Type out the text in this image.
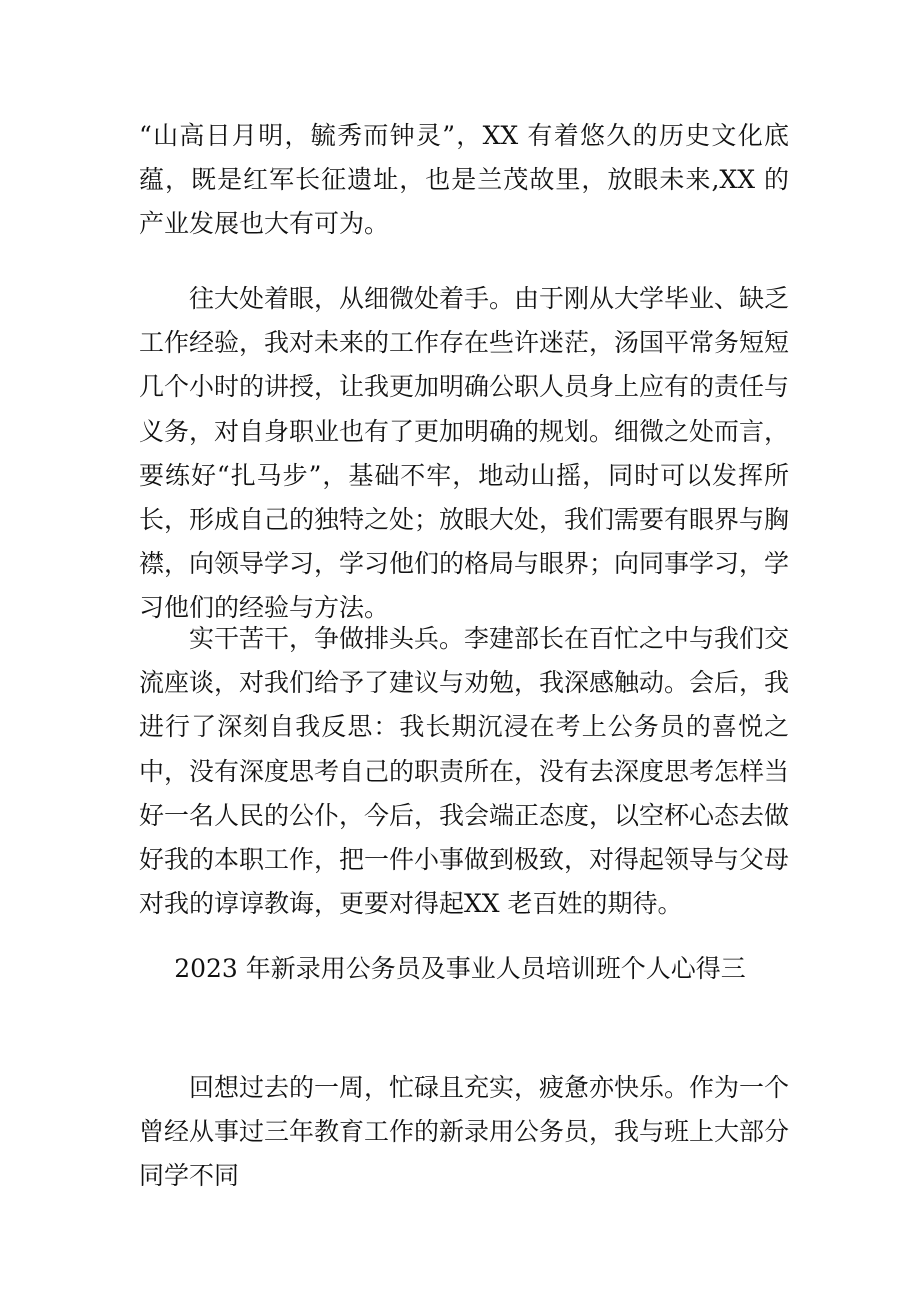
“山高日月明，毓秀而钟灵”，XX 有着悠久的历史文化底蕴，既是红军长征遗址，也是兰茂故里，放眼未来,XX 的产业发展也大有可为。

往大处着眼，从细微处着手。由于刚从大学毕业、缺乏工作经验，我对未来的工作存在些许迷茫，汤国平常务短短几个小时的讲授，让我更加明确公职人员身上应有的责任与义务，对自身职业也有了更加明确的规划。细微之处而言，要练好“扎马步”，基础不牢，地动山摇，同时可以发挥所长，形成自己的独特之处；放眼大处，我们需要有眼界与胸襟，向领导学习，学习他们的格局与眼界；向同事学习，学习他们的经验与方法。

实干苦干，争做排头兵。李建部长在百忙之中与我们交流座谈，对我们给予了建议与劝勉，我深感触动。会后，我进行了深刻自我反思：我长期沉浸在考上公务员的喜悦之中，没有深度思考自己的职责所在，没有去深度思考怎样当好一名人民的公仆，今后，我会端正态度，以空杯心态去做好我的本职工作，把一件小事做到极致，对得起领导与父母对我的谆谆教诲，更要对得起XX 老百姓的期待。

2023 年新录用公务员及事业人员培训班个人心得三

回想过去的一周，忙碌且充实，疲惫亦快乐。作为一个曾经从事过三年教育工作的新录用公务员，我与班上大部分同学不同
